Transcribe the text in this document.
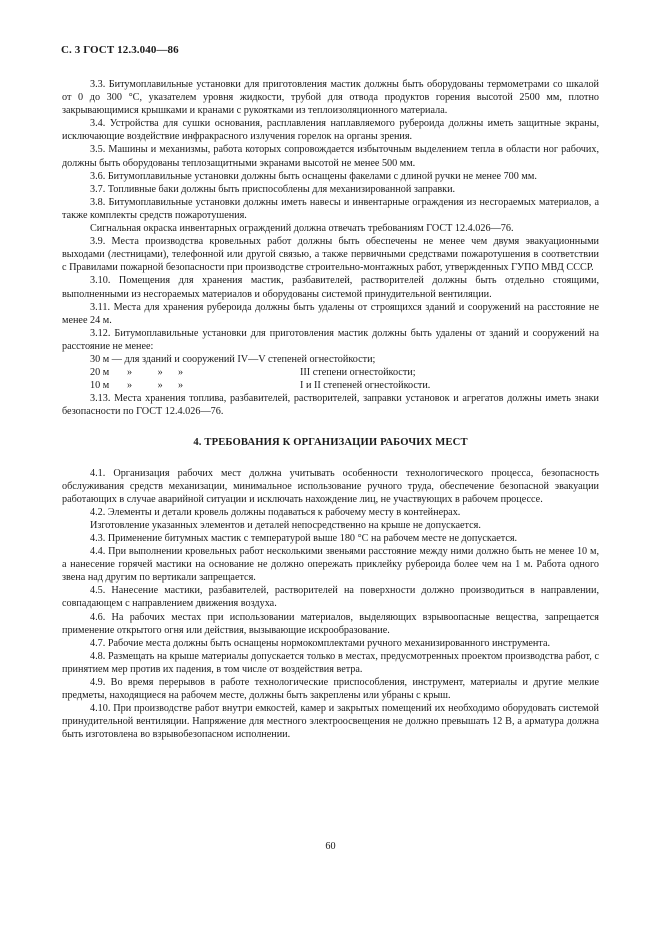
С. 3 ГОСТ 12.3.040—86

3.3. Битумоплавильные установки для приготовления мастик должны быть оборудованы термометрами со шкалой от 0 до 300 °С, указателем уровня жидкости, трубой для отвода продуктов горения высотой 2500 мм, плотно закрывающимися крышками и кранами с рукоятками из теплоизоляционного материала.

3.4. Устройства для сушки основания, расплавления наплавляемого рубероида должны иметь защитные экраны, исключающие воздействие инфракрасного излучения горелок на органы зрения.

3.5. Машины и механизмы, работа которых сопровождается избыточным выделением тепла в области ног рабочих, должны быть оборудованы теплозащитными экранами высотой не менее 500 мм.

3.6. Битумоплавильные установки должны быть оснащены факелами с длиной ручки не менее 700 мм.

3.7. Топливные баки должны быть приспособлены для механизированной заправки.

3.8. Битумоплавильные установки должны иметь навесы и инвентарные ограждения из несгораемых материалов, а также комплекты средств пожаротушения.

Сигнальная окраска инвентарных ограждений должна отвечать требованиям ГОСТ 12.4.026—76.

3.9. Места производства кровельных работ должны быть обеспечены не менее чем двумя эвакуационными выходами (лестницами), телефонной или другой связью, а также первичными средствами пожаротушения в соответствии с Правилами пожарной безопасности при производстве строительно-монтажных работ, утвержденных ГУПО МВД СССР.

3.10. Помещения для хранения мастик, разбавителей, растворителей должны быть отдельно стоящими, выполненными из несгораемых материалов и оборудованы системой принудительной вентиляции.

3.11. Места для хранения рубероида должны быть удалены от строящихся зданий и сооружений на расстояние не менее 24 м.

3.12. Битумоплавильные установки для приготовления мастик должны быть удалены от зданий и сооружений на расстояние не менее:

30 м — для зданий и сооружений IV—V степеней огнестойкости;
20 м       »          »      »	III степени огнестойкости;
10 м       »          »      »	I и II степеней огнестойкости.

3.13. Места хранения топлива, разбавителей, растворителей, заправки установок и агрегатов должны иметь знаки безопасности по ГОСТ 12.4.026—76.

4. ТРЕБОВАНИЯ К ОРГАНИЗАЦИИ РАБОЧИХ МЕСТ

4.1. Организация рабочих мест должна учитывать особенности технологического процесса, безопасность обслуживания средств механизации, минимальное использование ручного труда, обеспечение безопасной эвакуации работающих в случае аварийной ситуации и исключать нахождение лиц, не участвующих в рабочем процессе.

4.2. Элементы и детали кровель должны подаваться к рабочему месту в контейнерах.

Изготовление указанных элементов и деталей непосредственно на крыше не допускается.

4.3. Применение битумных мастик с температурой выше 180 °С на рабочем месте не допускается.

4.4. При выполнении кровельных работ несколькими звеньями расстояние между ними должно быть не менее 10 м, а нанесение горячей мастики на основание не должно опережать приклейку рубероида более чем на 1 м. Работа одного звена над другим по вертикали запрещается.

4.5. Нанесение мастики, разбавителей, растворителей на поверхности должно производиться в направлении, совпадающем с направлением движения воздуха.

4.6. На рабочих местах при использовании материалов, выделяющих взрывоопасные вещества, запрещается применение открытого огня или действия, вызывающие искрообразование.

4.7. Рабочие места должны быть оснащены нормокомплектами ручного механизированного инструмента.

4.8. Размещать на крыше материалы допускается только в местах, предусмотренных проектом производства работ, с принятием мер против их падения, в том числе от воздействия ветра.

4.9. Во время перерывов в работе технологические приспособления, инструмент, материалы и другие мелкие предметы, находящиеся на рабочем месте, должны быть закреплены или убраны с крыш.

4.10. При производстве работ внутри емкостей, камер и закрытых помещений их необходимо оборудовать системой принудительной вентиляции. Напряжение для местного электроосвещения не должно превышать 12 В, а арматура должна быть изготовлена во взрывобезопасном исполнении.

60
